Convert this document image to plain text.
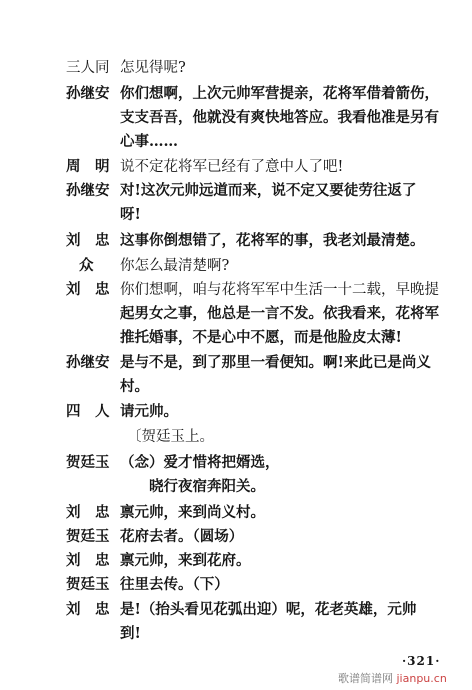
三人同 怎见得呢?
孙继安 你们想啊，上次元帅军营提亲，花将军借着箭伤，
支支吾吾，他就没有爽快地答应。我看他准是另有
心事……
周　明 说不定花将军已经有了意中人了吧!
孙继安 对!这次元帅远道而来，说不定又要徒劳往返了
呀!
刘　忠 这事你倒想错了，花将军的事，我老刘最清楚。
众 你怎么最清楚啊?
刘　忠 你们想啊，咱与花将军军中生活一十二载，早晚提
起男女之事，他总是一言不发。依我看来，花将军
推托婚事，不是心中不愿，而是他脸皮太薄!
孙继安 是与不是，到了那里一看便知。啊!来此已是尚义
村。
四　人 请元帅。
〔贺廷玉上。
贺廷玉 （念）爱才惜将把婿选，
　　晓行夜宿奔阳关。
刘　忠 禀元帅，来到尚义村。
贺廷玉 花府去者。（圆场）
刘　忠 禀元帅，来到花府。
贺廷玉 往里去传。（下）
刘　忠 是!（抬头看见花弧出迎）呢，花老英雄，元帅
到!
·321·
歌谱简谱网 jianpu.cn
